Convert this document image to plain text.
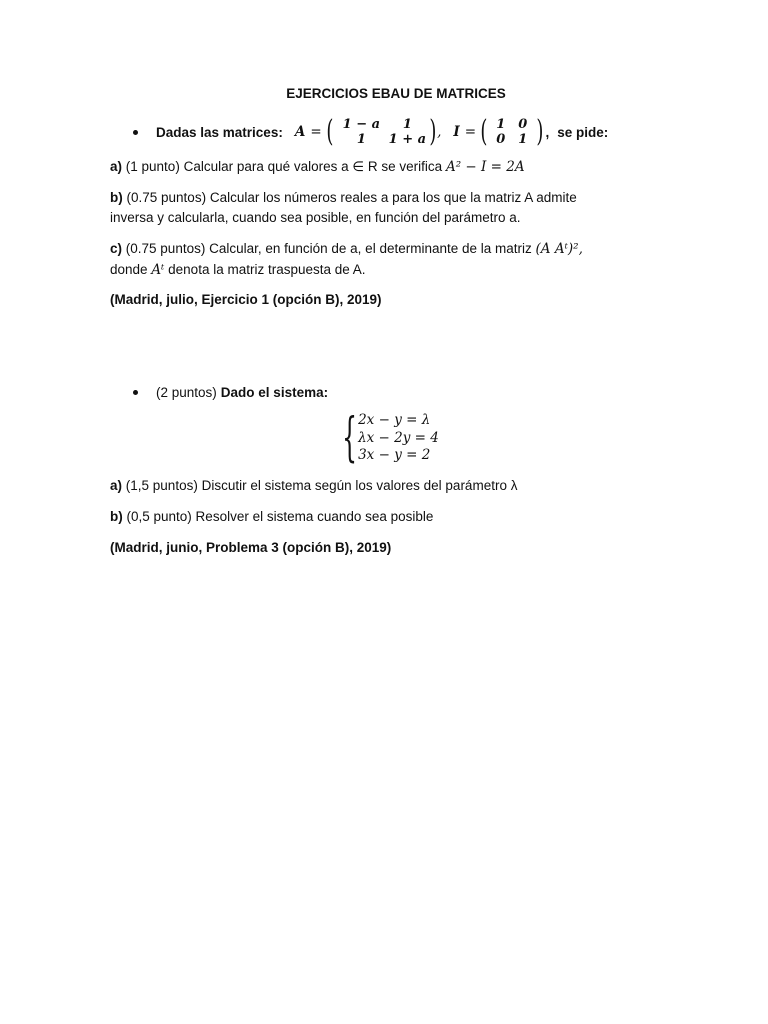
EJERCICIOS EBAU DE MATRICES
Dadas las matrices: A = ( 1 − a	1
1	1 + a ) , I = ( 1 0
0 1 ) , se pide:
a) (1 punto) Calcular para qué valores a ∈ R se verifica A² − I = 2A
b) (0.75 puntos) Calcular los números reales a para los que la matriz A admite
inversa y calcularla, cuando sea posible, en función del parámetro a.
c) (0.75 puntos) Calcular, en función de a, el determinante de la matriz (A Aᵗ)²,
donde Aᵗ denota la matriz traspuesta de A.
(Madrid, julio, Ejercicio 1 (opción B), 2019)
(2 puntos) Dado el sistema:
{ 2x − y = λ
λx − 2y = 4
3x − y = 2
a) (1,5 puntos) Discutir el sistema según los valores del parámetro λ
b) (0,5 punto) Resolver el sistema cuando sea posible
(Madrid, junio, Problema 3 (opción B), 2019)
